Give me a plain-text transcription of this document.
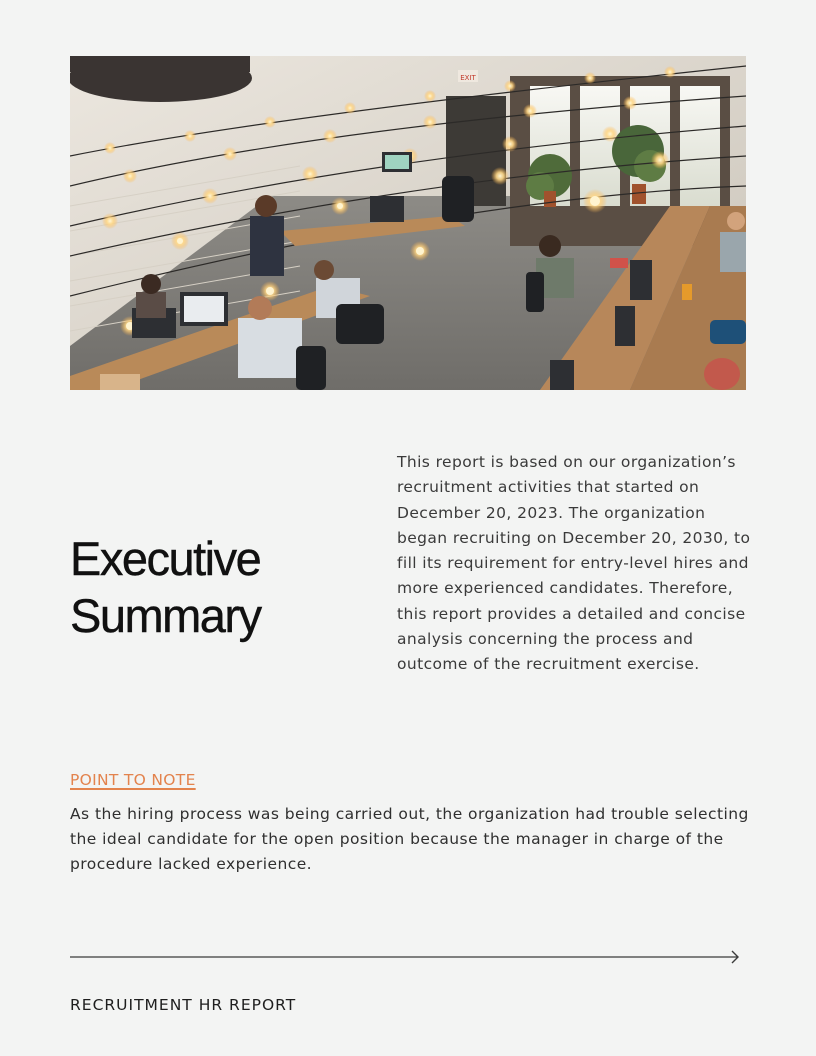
EXIT
Executive
Summary

This report is based on our organization’s recruitment activities that started on December 20, 2023. The organization began recruiting on December 20, 2030, to fill its requirement for entry-level hires and more experienced candidates. Therefore, this report provides a detailed and concise analysis concerning the process and outcome of the recruitment exercise.

POINT TO NOTE

As the hiring process was being carried out, the organization had trouble selecting the ideal candidate for the open position because the manager in charge of the procedure lacked experience.

RECRUITMENT HR REPORT
